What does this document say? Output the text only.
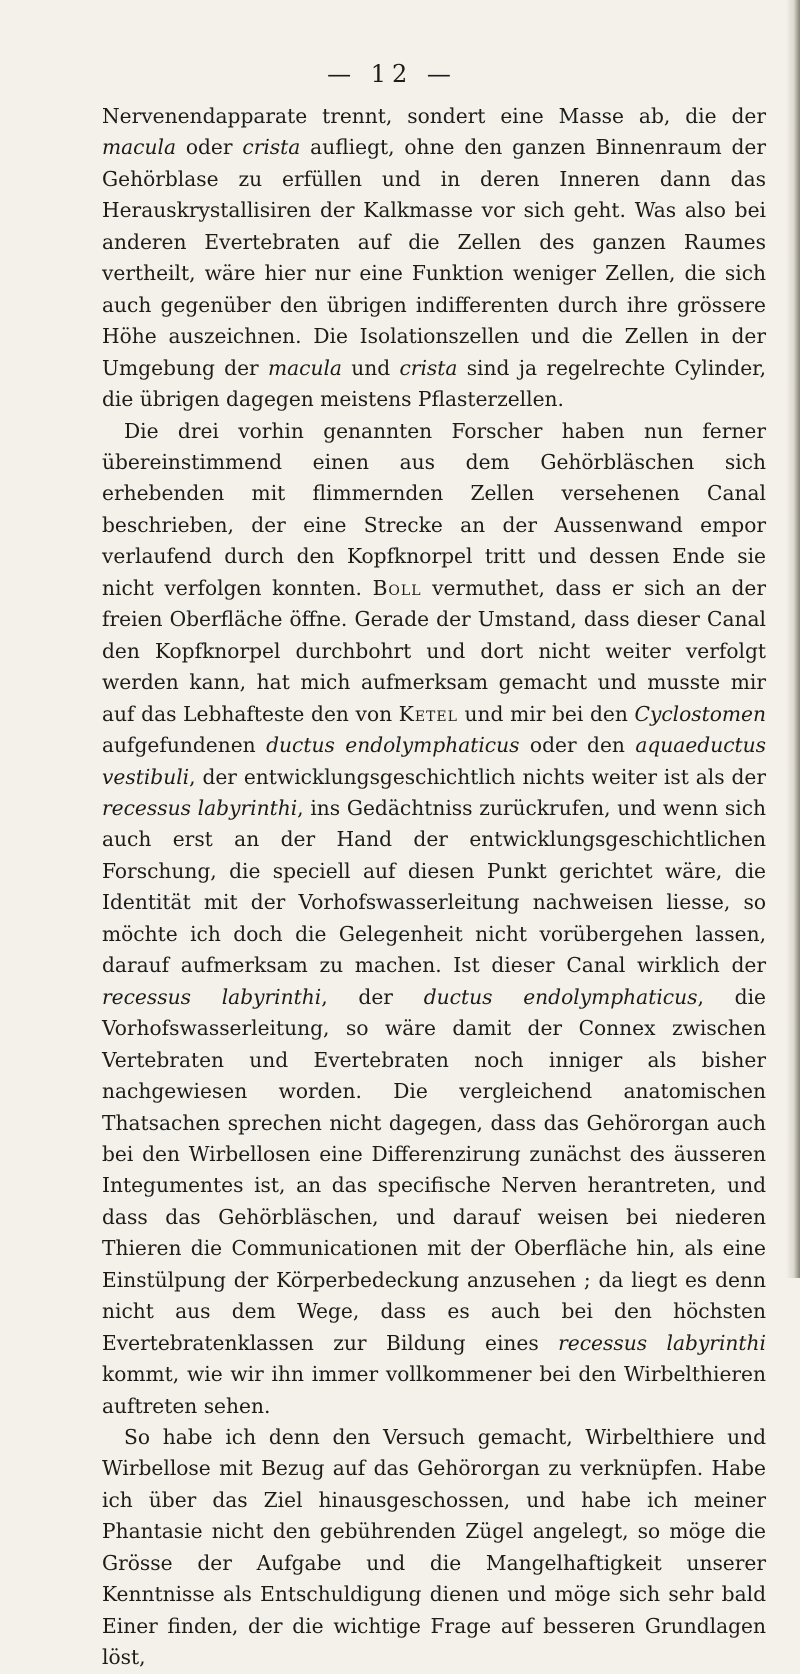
— 12 —

Nervenendapparate trennt, sondert eine Masse ab, die der macula oder crista aufliegt, ohne den ganzen Binnenraum der Gehörblase zu erfüllen und in deren Inneren dann das Herauskrystallisiren der Kalkmasse vor sich geht. Was also bei anderen Evertebraten auf die Zellen des ganzen Raumes vertheilt, wäre hier nur eine Funktion weniger Zellen, die sich auch gegenüber den übrigen indifferenten durch ihre grössere Höhe auszeichnen. Die Isolationszellen und die Zellen in der Umgebung der macula und crista sind ja regelrechte Cylinder, die übrigen dagegen meistens Pflasterzellen.

Die drei vorhin genannten Forscher haben nun ferner übereinstimmend einen aus dem Gehörbläschen sich erhebenden mit flimmernden Zellen versehenen Canal beschrieben, der eine Strecke an der Aussenwand empor verlaufend durch den Kopfknorpel tritt und dessen Ende sie nicht verfolgen konnten. Boll vermuthet, dass er sich an der freien Oberfläche öffne. Gerade der Umstand, dass dieser Canal den Kopfknorpel durchbohrt und dort nicht weiter verfolgt werden kann, hat mich aufmerksam gemacht und musste mir auf das Lebhafteste den von Ketel und mir bei den Cyclostomen aufgefundenen ductus endolymphaticus oder den aquaeductus vestibuli, der entwicklungsgeschichtlich nichts weiter ist als der recessus labyrinthi, ins Gedächtniss zurückrufen, und wenn sich auch erst an der Hand der entwicklungsgeschichtlichen Forschung, die speciell auf diesen Punkt gerichtet wäre, die Identität mit der Vorhofswasserleitung nachweisen liesse, so möchte ich doch die Gelegenheit nicht vorübergehen lassen, darauf aufmerksam zu machen. Ist dieser Canal wirklich der recessus labyrinthi, der ductus endolymphaticus, die Vorhofswasserleitung, so wäre damit der Connex zwischen Vertebraten und Evertebraten noch inniger als bisher nachgewiesen worden. Die vergleichend anatomischen Thatsachen sprechen nicht dagegen, dass das Gehörorgan auch bei den Wirbellosen eine Differenzirung zunächst des äusseren Integumentes ist, an das specifische Nerven herantreten, und dass das Gehörbläschen, und darauf weisen bei niederen Thieren die Communicationen mit der Oberfläche hin, als eine Einstülpung der Körperbedeckung anzusehen ; da liegt es denn nicht aus dem Wege, dass es auch bei den höchsten Evertebratenklassen zur Bildung eines recessus labyrinthi kommt, wie wir ihn immer vollkommener bei den Wirbelthieren auftreten sehen.

So habe ich denn den Versuch gemacht, Wirbelthiere und Wirbellose mit Bezug auf das Gehörorgan zu verknüpfen. Habe ich über das Ziel hinausgeschossen, und habe ich meiner Phantasie nicht den gebührenden Zügel angelegt, so möge die Grösse der Aufgabe und die Mangelhaftigkeit unserer Kenntnisse als Entschuldigung dienen und möge sich sehr bald Einer finden, der die wichtige Frage auf besseren Grundlagen löst,
